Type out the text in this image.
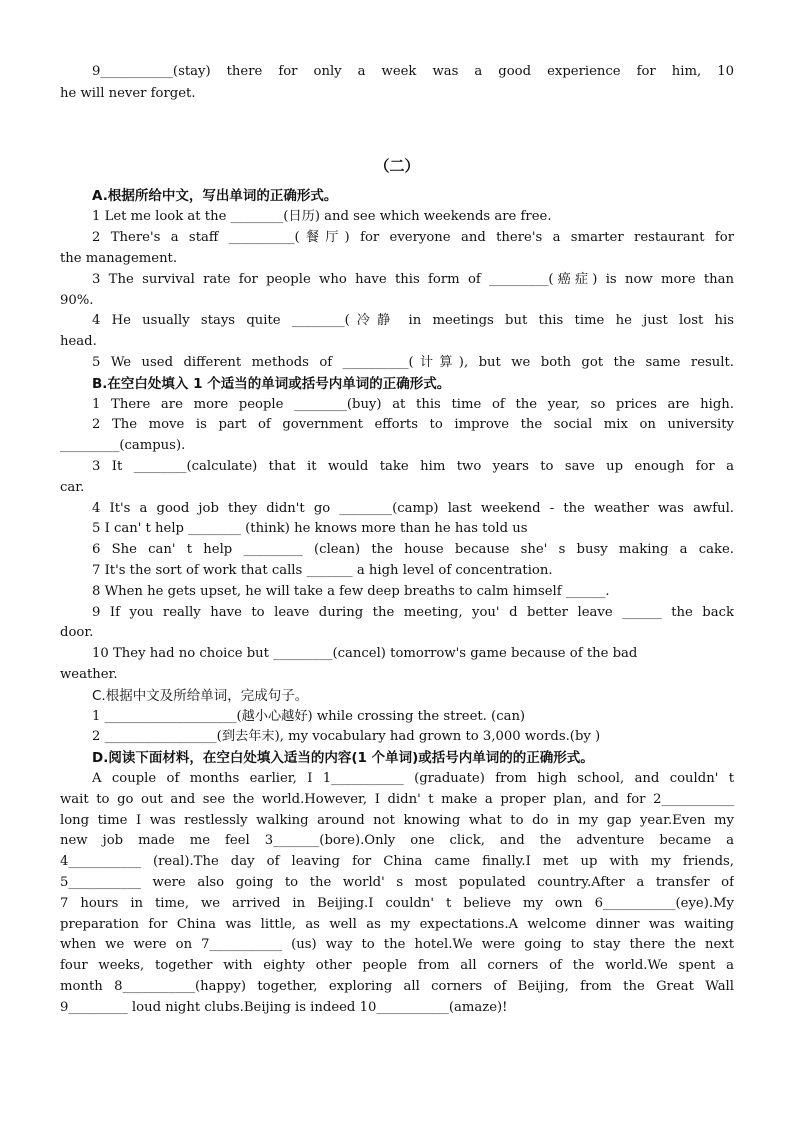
9___________(stay) there for only a week was a good experience for him, 10
he will never forget.
（二）
A.根据所给中文，写出单词的正确形式。
1 Let me look at the ________(日历) and see which weekends are free.
2 There's a staff __________(餐厅) for everyone and there's a smarter restaurant for
the management.
3 The survival rate for people who have this form of _________(癌症) is now more than
90%.
4 He usually stays quite ________(冷静 in meetings but this time he just lost his
head.
5 We used different methods of __________(计算), but we both got the same result.
B.在空白处填入 1 个适当的单词或括号内单词的正确形式。
1 There are more people ________(buy) at this time of the year, so prices are high.
2 The move is part of government efforts to improve the social mix on university
_________(campus).
3 It ________(calculate) that it would take him two years to save up enough for a
car.
4 It's a good job they didn't go ________(camp) last weekend - the weather was awful.
5 I can' t help ________ (think) he knows more than he has told us
6 She can' t help _________ (clean) the house because she' s busy making a cake.
7 It's the sort of work that calls _______ a high level of concentration.
8 When he gets upset, he will take a few deep breaths to calm himself ______.
9 If you really have to leave during the meeting, you' d better leave ______ the back
door.
10 They had no choice but _________(cancel) tomorrow's game because of the bad
weather.
C.根据中文及所给单词，完成句子。
1 ____________________(越小心越好) while crossing the street. (can)
2 _________________(到去年末), my vocabulary had grown to 3,000 words.(by )
D.阅读下面材料，在空白处填入适当的内容(1 个单词)或括号内单词的的正确形式。
A couple of months earlier, I 1___________ (graduate) from high school, and couldn' t
wait to go out and see the world.However, I didn' t make a proper plan, and for 2___________
long time I was restlessly walking around not knowing what to do in my gap year.Even my
new job made me feel 3_______(bore).Only one click, and the adventure became a
4___________ (real).The day of leaving for China came finally.I met up with my friends,
5___________ were also going to the world' s most populated country.After a transfer of
7 hours in time, we arrived in Beijing.I couldn' t believe my own 6___________(eye).My
preparation for China was little, as well as my expectations.A welcome dinner was waiting
when we were on 7___________ (us) way to the hotel.We were going to stay there the next
four weeks, together with eighty other people from all corners of the world.We spent a
month 8___________(happy) together, exploring all corners of Beijing, from the Great Wall
9_________ loud night clubs.Beijing is indeed 10___________(amaze)!
